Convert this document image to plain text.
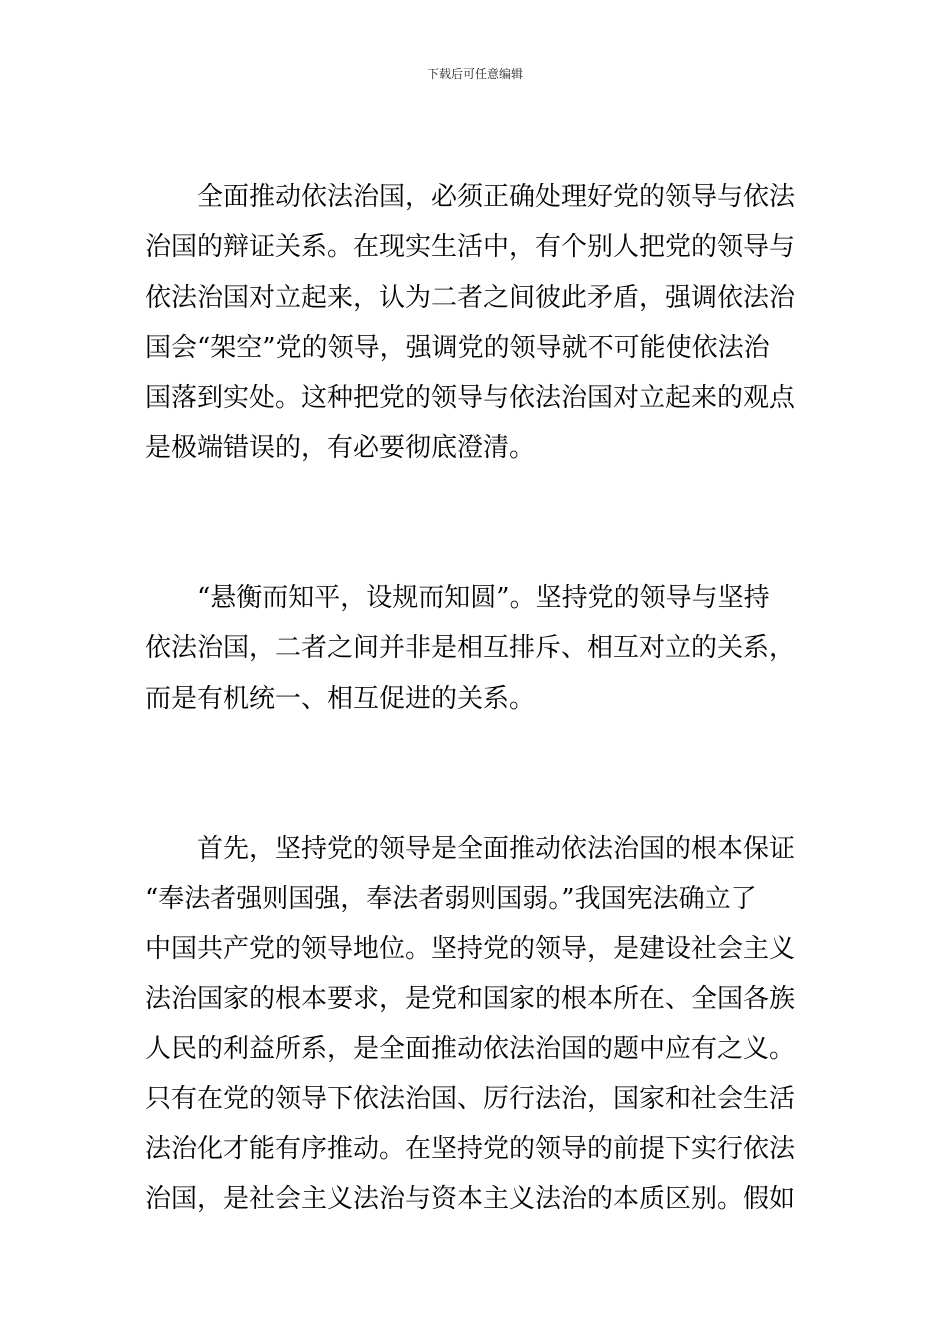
下载后可任意编辑
全面推动依法治国，必须正确处理好党的领导与依法
治国的辩证关系。在现实生活中，有个别人把党的领导与
依法治国对立起来，认为二者之间彼此矛盾，强调依法治
国会“架空”党的领导，强调党的领导就不可能使依法治
国落到实处。这种把党的领导与依法治国对立起来的观点
是极端错误的，有必要彻底澄清。
“悬衡而知平，设规而知圆”。坚持党的领导与坚持
依法治国，二者之间并非是相互排斥、相互对立的关系，
而是有机统一、相互促进的关系。
首先，坚持党的领导是全面推动依法治国的根本保证
“奉法者强则国强，奉法者弱则国弱。”我国宪法确立了
中国共产党的领导地位。坚持党的领导，是建设社会主义
法治国家的根本要求，是党和国家的根本所在、全国各族
人民的利益所系，是全面推动依法治国的题中应有之义。
只有在党的领导下依法治国、厉行法治，国家和社会生活
法治化才能有序推动。在坚持党的领导的前提下实行依法
治国，是社会主义法治与资本主义法治的本质区别。假如
